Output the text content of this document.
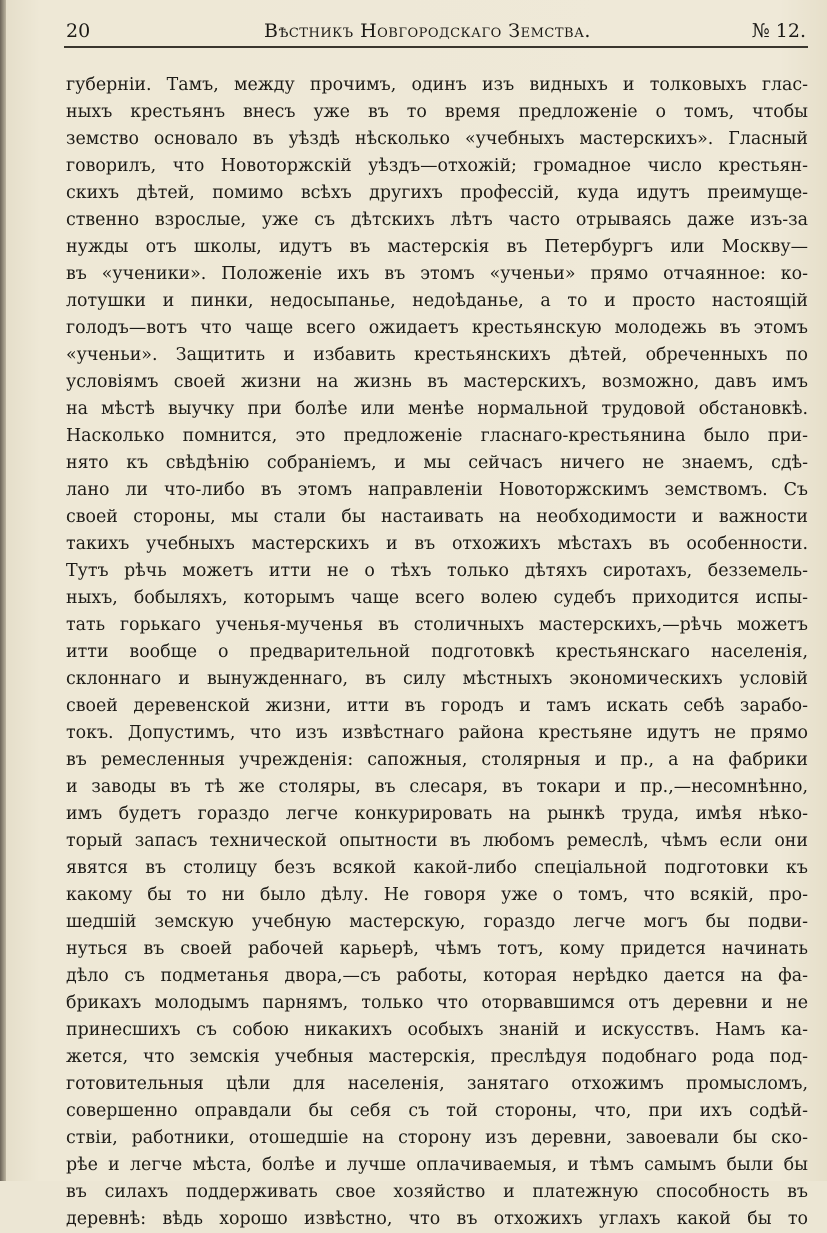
20	Вѣстникъ Новгородскаго Земства.	№ 12.
губерніи. Тамъ, между прочимъ, одинъ изъ видныхъ и толковыхъ глас-
ныхъ крестьянъ внесъ уже въ то время предложеніе о томъ, чтобы
земство основало въ уѣздѣ нѣсколько «учебныхъ мастерскихъ». Гласный
говорилъ, что Новоторжскій уѣздъ—отхожій; громадное число крестьян-
скихъ дѣтей, помимо всѣхъ другихъ профессій, куда идутъ преимуще-
ственно взрослые, уже съ дѣтскихъ лѣтъ часто отрываясь даже изъ-за
нужды отъ школы, идутъ въ мастерскія въ Петербургъ или Москву—
въ «ученики». Положеніе ихъ въ этомъ «ученьи» прямо отчаянное: ко-
лотушки и пинки, недосыпанье, недоѣданье, а то и просто настоящій
голодъ—вотъ что чаще всего ожидаетъ крестьянскую молодежь въ этомъ
«ученьи». Защитить и избавить крестьянскихъ дѣтей, обреченныхъ по
условіямъ своей жизни на жизнь въ мастерскихъ, возможно, давъ имъ
на мѣстѣ выучку при болѣе или менѣе нормальной трудовой обстановкѣ.
Насколько помнится, это предложеніе гласнаго-крестьянина было при-
нято къ свѣдѣнію собраніемъ, и мы сейчасъ ничего не знаемъ, сдѣ-
лано ли что-либо въ этомъ направленіи Новоторжскимъ земствомъ. Съ
своей стороны, мы стали бы настаивать на необходимости и важности
такихъ учебныхъ мастерскихъ и въ отхожихъ мѣстахъ въ особенности.
Тутъ рѣчь можетъ итти не о тѣхъ только дѣтяхъ сиротахъ, безземель-
ныхъ, бобыляхъ, которымъ чаще всего волею судебъ приходится испы-
тать горькаго ученья-мученья въ столичныхъ мастерскихъ,—рѣчь можетъ
итти вообще о предварительной подготовкѣ крестьянскаго населенія,
склоннаго и вынужденнаго, въ силу мѣстныхъ экономическихъ условій
своей деревенской жизни, итти въ городъ и тамъ искать себѣ зарабо-
токъ. Допустимъ, что изъ извѣстнаго района крестьяне идутъ не прямо
въ ремесленныя учрежденія: сапожныя, столярныя и пр., а на фабрики
и заводы въ тѣ же столяры, въ слесаря, въ токари и пр.,—несомнѣнно,
имъ будетъ гораздо легче конкурировать на рынкѣ труда, имѣя нѣко-
торый запасъ технической опытности въ любомъ ремеслѣ, чѣмъ если они
явятся въ столицу безъ всякой какой-либо спеціальной подготовки къ
какому бы то ни было дѣлу. Не говоря уже о томъ, что всякій, про-
шедшій земскую учебную мастерскую, гораздо легче могъ бы подви-
нуться въ своей рабочей карьерѣ, чѣмъ тотъ, кому придется начинать
дѣло съ подметанья двора,—съ работы, которая нерѣдко дается на фа-
брикахъ молодымъ парнямъ, только что оторвавшимся отъ деревни и не
принесшихъ съ собою никакихъ особыхъ знаній и искусствъ. Намъ ка-
жется, что земскія учебныя мастерскія, преслѣдуя подобнаго рода под-
готовительныя цѣли для населенія, занятаго отхожимъ промысломъ,
совершенно оправдали бы себя съ той стороны, что, при ихъ содѣй-
ствіи, работники, отошедшіе на сторону изъ деревни, завоевали бы ско-
рѣе и легче мѣста, болѣе и лучше оплачиваемыя, и тѣмъ самымъ были бы
въ силахъ поддерживать свое хозяйство и платежную способность въ
деревнѣ: вѣдь хорошо извѣстно, что въ отхожихъ углахъ какой бы то
